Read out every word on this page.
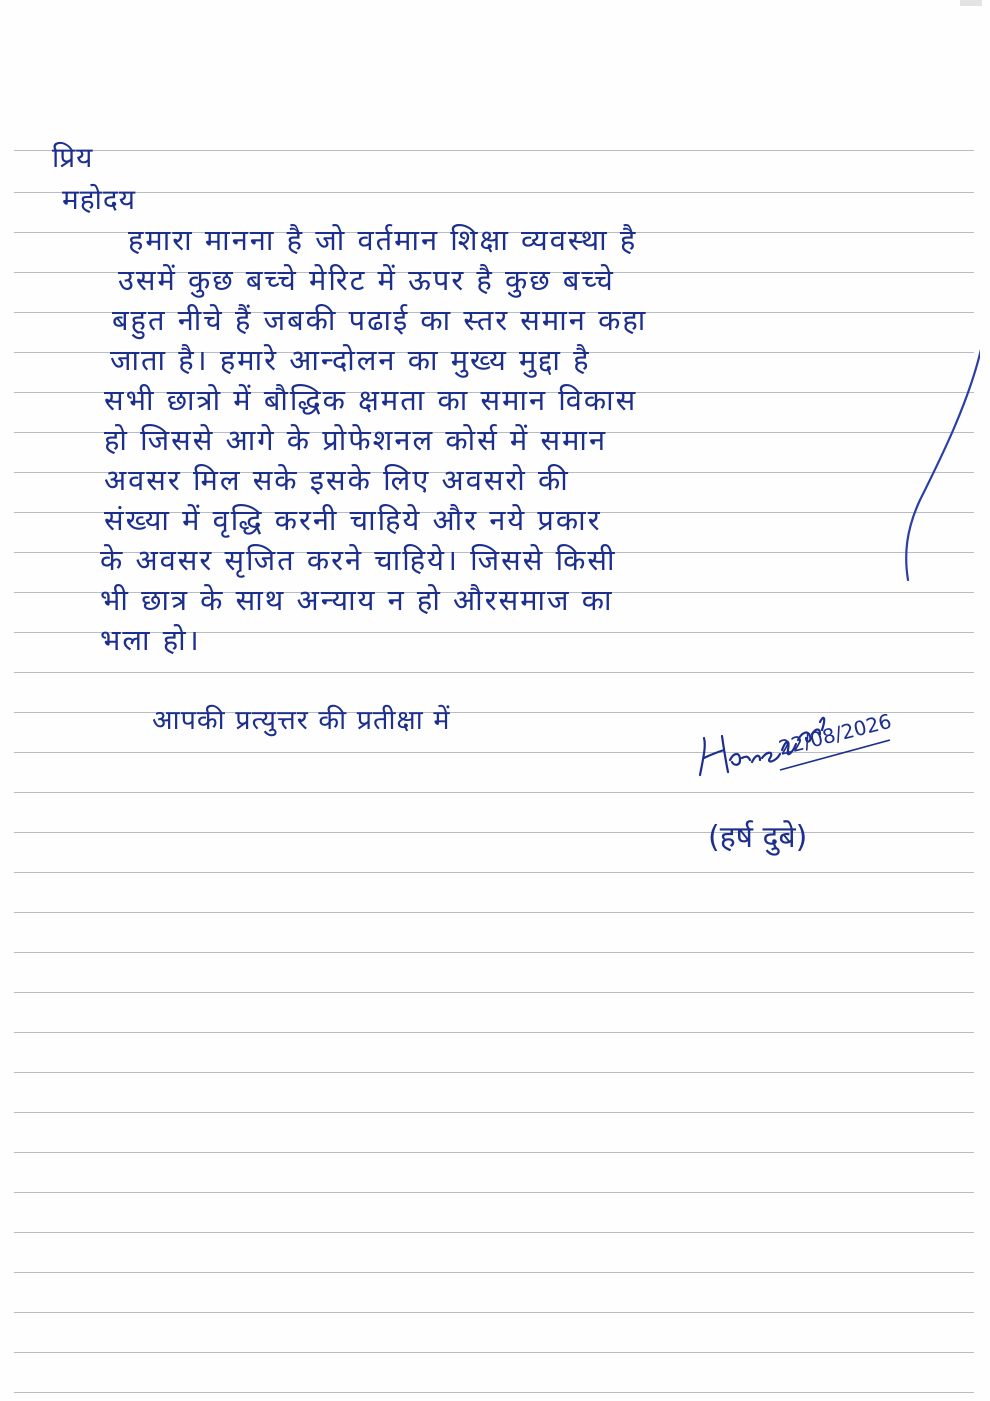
प्रिय
महोदय
हमारा मानना है जो वर्तमान शिक्षा व्यवस्था है
उसमें कुछ बच्चे मेरिट में ऊपर है कुछ बच्चे
बहुत नीचे हैं जबकी पढाई का स्तर समान कहा
जाता है। हमारे आन्दोलन का मुख्य मुद्दा है
सभी छात्रो में बौद्धिक क्षमता का समान विकास
हो जिससे आगे के प्रोफेशनल कोर्स में समान
अवसर मिल सके इसके लिए अवसरो की
संख्या में वृद्धि करनी चाहिये और नये प्रकार
के अवसर सृजित करने चाहिये। जिससे किसी
भी छात्र के साथ अन्याय न हो औरसमाज का
भला हो।
आपकी प्रत्युत्तर की प्रतीक्षा में	22/08/2026
(हर्ष दुबे)
